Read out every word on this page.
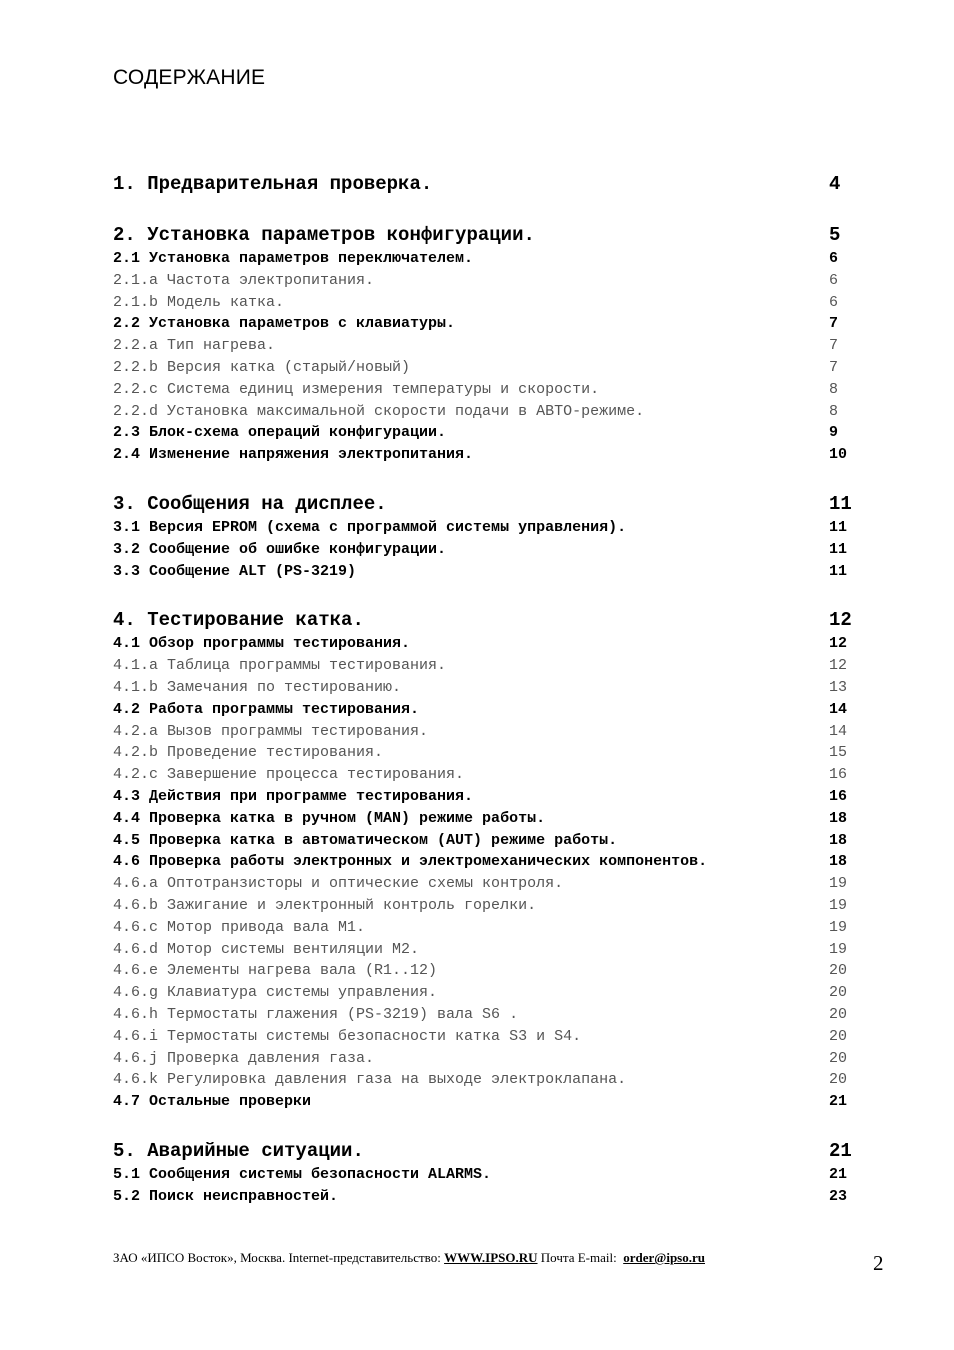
СОДЕРЖАНИЕ
1. Предварительная проверка.	4
2. Установка параметров конфигурации.	5
2.1 Установка параметров переключателем.	6
2.1.a Частота электропитания.	6
2.1.b Модель катка.	6
2.2 Установка параметров с клавиатуры.	7
2.2.a Тип нагрева.	7
2.2.b Версия катка (старый/новый)	7
2.2.c Система единиц измерения температуры и скорости.	8
2.2.d Установка максимальной скорости подачи в АВТО-режиме.	8
2.3 Блок-схема операций конфигурации.	9
2.4 Изменение напряжения электропитания.	10
3. Сообщения на дисплее.	11
3.1 Версия EPROM (схема с программой системы управления).	11
3.2 Сообщение об ошибке конфигурации.	11
3.3 Сообщение ALT (PS-3219)	11
4. Тестирование катка.	12
4.1 Обзор программы тестирования.	12
4.1.a Таблица программы тестирования.	12
4.1.b Замечания по тестированию.	13
4.2 Работа программы тестирования.	14
4.2.a Вызов программы тестирования.	14
4.2.b Проведение тестирования.	15
4.2.c Завершение процесса тестирования.	16
4.3 Действия при программе тестирования.	16
4.4 Проверка катка в ручном (MAN) режиме работы.	18
4.5 Проверка катка в автоматическом (AUT) режиме работы.	18
4.6 Проверка работы электронных и электромеханических компонентов.	18
4.6.a Оптотранзисторы и оптические схемы контроля.	19
4.6.b Зажигание и электронный контроль горелки.	19
4.6.c Мотор привода вала M1.	19
4.6.d Мотор системы вентиляции M2.	19
4.6.e Элементы нагрева вала (R1..12)	20
4.6.g Клавиатура системы управления.	20
4.6.h Термостаты глажения (PS-3219) вала S6 .	20
4.6.i Термостаты системы безопасности катка S3 и S4.	20
4.6.j Проверка давления газа.	20
4.6.k Регулировка давления газа на выходе электроклапана.	20
4.7 Остальные проверки	21
5. Аварийные ситуации.	21
5.1 Сообщения системы безопасности ALARMS.	21
5.2 Поиск неисправностей.	23
ЗАО «ИПСО Восток», Москва. Internet-представительство: WWW.IPSO.RU Почта E-mail:  order@ipso.ru	2
